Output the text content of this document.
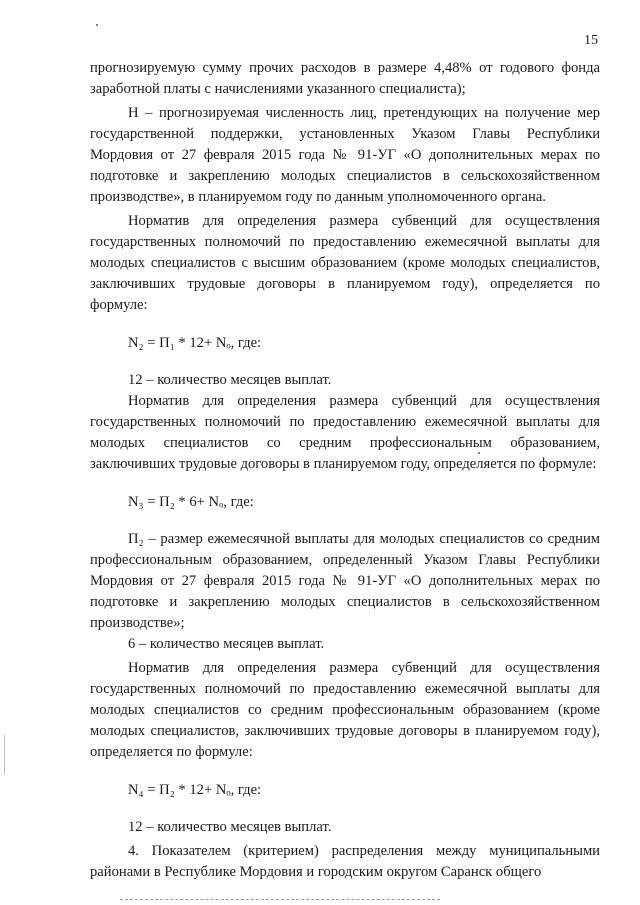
15

прогнозируемую сумму прочих расходов в размере 4,48% от годового фонда заработной платы с начислениями указанного специалиста);

Н – прогнозируемая численность лиц, претендующих на получение мер государственной поддержки, установленных Указом Главы Республики Мордовия от 27 февраля 2015 года № 91-УГ «О дополнительных мерах по подготовке и закреплению молодых специалистов в сельскохозяйственном производстве», в планируемом году по данным уполномоченного органа.

Норматив для определения размера субвенций для осуществления государственных полномочий по предоставлению ежемесячной выплаты для молодых специалистов с высшим образованием (кроме молодых специалистов, заключивших трудовые договоры в планируемом году), определяется по формуле:

N₂ = П₁ * 12+ Nₒ, где:

12 – количество месяцев выплат.

Норматив для определения размера субвенций для осуществления государственных полномочий по предоставлению ежемесячной выплаты для молодых специалистов со средним профессиональным образованием, заключивших трудовые договоры в планируемом году, определяется по формуле:

N₃ = П₂ * 6+ Nₒ, где:

П₂ – размер ежемесячной выплаты для молодых специалистов со средним профессиональным образованием, определенный Указом Главы Республики Мордовия от 27 февраля 2015 года № 91-УГ «О дополнительных мерах по подготовке и закреплению молодых специалистов в сельскохозяйственном производстве»;

6 – количество месяцев выплат.

Норматив для определения размера субвенций для осуществления государственных полномочий по предоставлению ежемесячной выплаты для молодых специалистов со средним профессиональным образованием (кроме молодых специалистов, заключивших трудовые договоры в планируемом году), определяется по формуле:

N₄ = П₂ * 12+ Nₒ, где:

12 – количество месяцев выплат.

4. Показателем (критерием) распределения между муниципальными районами в Республике Мордовия и городским округом Саранск общего
